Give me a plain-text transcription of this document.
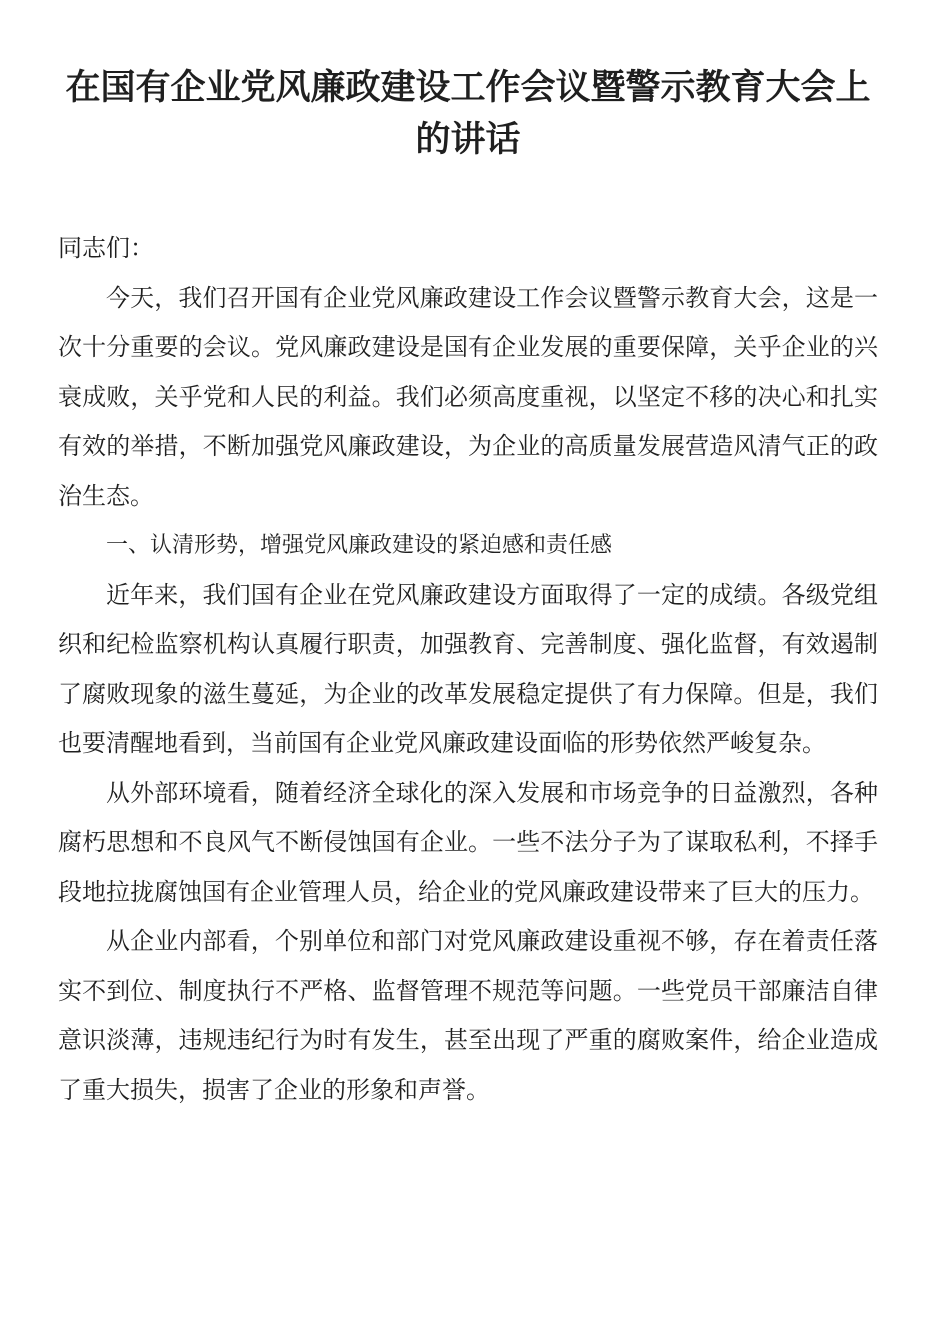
在国有企业党风廉政建设工作会议暨警示教育大会上的讲话

同志们：

今天，我们召开国有企业党风廉政建设工作会议暨警示教育大会，这是一次十分重要的会议。党风廉政建设是国有企业发展的重要保障，关乎企业的兴衰成败，关乎党和人民的利益。我们必须高度重视，以坚定不移的决心和扎实有效的举措，不断加强党风廉政建设，为企业的高质量发展营造风清气正的政治生态。

一、认清形势，增强党风廉政建设的紧迫感和责任感

近年来，我们国有企业在党风廉政建设方面取得了一定的成绩。各级党组织和纪检监察机构认真履行职责，加强教育、完善制度、强化监督，有效遏制了腐败现象的滋生蔓延，为企业的改革发展稳定提供了有力保障。但是，我们也要清醒地看到，当前国有企业党风廉政建设面临的形势依然严峻复杂。

从外部环境看，随着经济全球化的深入发展和市场竞争的日益激烈，各种腐朽思想和不良风气不断侵蚀国有企业。一些不法分子为了谋取私利，不择手段地拉拢腐蚀国有企业管理人员，给企业的党风廉政建设带来了巨大的压力。

从企业内部看，个别单位和部门对党风廉政建设重视不够，存在着责任落实不到位、制度执行不严格、监督管理不规范等问题。一些党员干部廉洁自律意识淡薄，违规违纪行为时有发生，甚至出现了严重的腐败案件，给企业造成了重大损失，损害了企业的形象和声誉。
